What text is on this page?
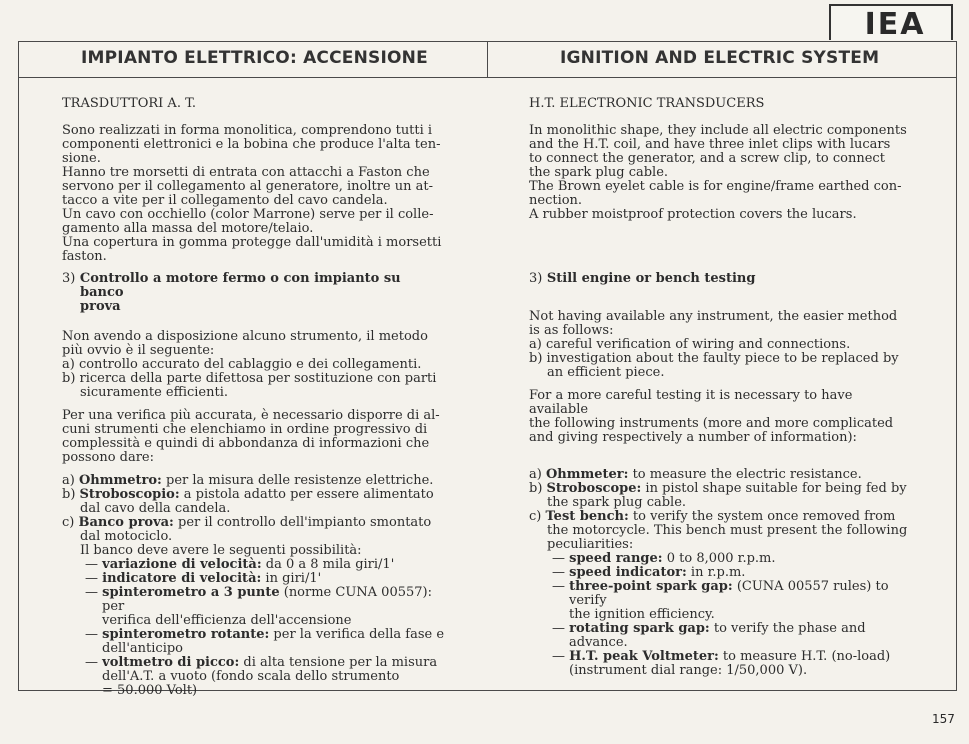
IEA
IMPIANTO ELETTRICO: ACCENSIONE	IGNITION AND ELECTRIC SYSTEM

TRASDUTTORI A. T.

Sono realizzati in forma monolitica, comprendono tutti i
componenti elettronici e la bobina che produce l'alta ten-
sione.
Hanno tre morsetti di entrata con attacchi a Faston che
servono per il collegamento al generatore, inoltre un at-
tacco a vite per il collegamento del cavo candela.
Un cavo con occhiello (color Marrone) serve per il colle-
gamento alla massa del motore/telaio.
Una copertura in gomma protegge dall'umidità i morsetti
faston.

3) Controllo a motore fermo o con impianto su banco
prova

Non avendo a disposizione alcuno strumento, il metodo
più ovvio è il seguente:

a) controllo accurato del cablaggio e dei collegamenti.

b) ricerca della parte difettosa per sostituzione con parti
sicuramente efficienti.

Per una verifica più accurata, è necessario disporre di al-
cuni strumenti che elenchiamo in ordine progressivo di
complessità e quindi di abbondanza di informazioni che
possono dare:

a) Ohmmetro: per la misura delle resistenze elettriche.

b) Stroboscopio: a pistola adatto per essere alimentato
dal cavo della candela.

c) Banco prova: per il controllo dell'impianto smontato
dal motociclo.
Il banco deve avere le seguenti possibilità:

— variazione di velocità: da 0 a 8 mila giri/1'

— indicatore di velocità: in giri/1'

— spinterometro a 3 punte (norme CUNA 00557): per
verifica dell'efficienza dell'accensione

— spinterometro rotante: per la verifica della fase e
dell'anticipo

— voltmetro di picco: di alta tensione per la misura
dell'A.T. a vuoto (fondo scala dello strumento
= 50.000 Volt)

H.T. ELECTRONIC TRANSDUCERS

In monolithic shape, they include all electric components
and the H.T. coil, and have three inlet clips with lucars
to connect the generator, and a screw clip, to connect
the spark plug cable.
The Brown eyelet cable is for engine/frame earthed con-
nection.
A rubber moistproof protection covers the lucars.

3) Still engine or bench testing

Not having available any instrument, the easier method
is as follows:

a) careful verification of wiring and connections.

b) investigation about the faulty piece to be replaced by
an efficient piece.

For a more careful testing it is necessary to have available
the following instruments (more and more complicated
and giving respectively a number of information):

a) Ohmmeter: to measure the electric resistance.

b) Stroboscope: in pistol shape suitable for being fed by
the spark plug cable.

c) Test bench: to verify the system once removed from
the motorcycle. This bench must present the following
peculiarities:

— speed range: 0 to 8,000 r.p.m.

— speed indicator: in r.p.m.

— three-point spark gap: (CUNA 00557 rules) to verify
the ignition efficiency.

— rotating spark gap: to verify the phase and advance.

— H.T. peak Voltmeter: to measure H.T. (no-load)
(instrument dial range: 1/50,000 V).

157
